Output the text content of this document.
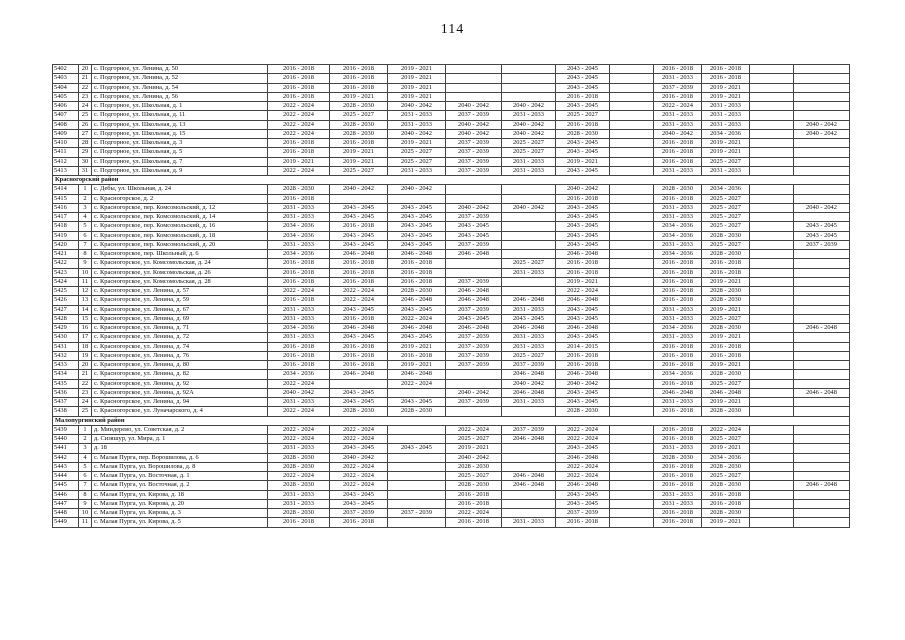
114
5402	20	с. Подгорное, ул. Ленина, д. 50	2016 - 2018	2016 - 2018	2019 - 2021			2043 - 2045		2016 - 2018	2016 - 2018		
5403	21	с. Подгорное, ул. Ленина, д. 52	2016 - 2018	2016 - 2018	2019 - 2021			2043 - 2045		2031 - 2033	2016 - 2018		
5404	22	с. Подгорное, ул. Ленина, д. 54	2016 - 2018	2016 - 2018	2019 - 2021			2043 - 2045		2037 - 2039	2019 - 2021		
5405	23	с. Подгорное, ул. Ленина, д. 56	2016 - 2018	2019 - 2021	2019 - 2021			2016 - 2018		2016 - 2018	2019 - 2021		
5406	24	с. Подгорное, ул. Школьная, д. 1	2022 - 2024	2028 - 2030	2040 - 2042	2040 - 2042	2040 - 2042	2043 - 2045		2022 - 2024	2031 - 2033		
5407	25	с. Подгорное, ул. Школьная, д. 11	2022 - 2024	2025 - 2027	2031 - 2033	2037 - 2039	2031 - 2033	2025 - 2027		2031 - 2033	2031 - 2033		
5408	26	с. Подгорное, ул. Школьная, д. 13	2022 - 2024	2028 - 2030	2031 - 2033	2040 - 2042	2040 - 2042	2016 - 2018		2031 - 2033	2031 - 2033		2040 - 2042
5409	27	с. Подгорное, ул. Школьная, д. 15	2022 - 2024	2028 - 2030	2040 - 2042	2040 - 2042	2040 - 2042	2028 - 2030		2040 - 2042	2034 - 2036		2040 - 2042
5410	28	с. Подгорное, ул. Школьная, д. 3	2016 - 2018	2016 - 2018	2019 - 2021	2037 - 2039	2025 - 2027	2043 - 2045		2016 - 2018	2019 - 2021		
5411	29	с. Подгорное, ул. Школьная, д. 5	2016 - 2018	2019 - 2021	2025 - 2027	2037 - 2039	2025 - 2027	2043 - 2045		2016 - 2018	2019 - 2021		
5412	30	с. Подгорное, ул. Школьная, д. 7	2019 - 2021	2019 - 2021	2025 - 2027	2037 - 2039	2031 - 2033	2019 - 2021		2016 - 2018	2025 - 2027		
5413	31	с. Подгорное, ул. Школьная, д. 9	2022 - 2024	2025 - 2027	2031 - 2033	2037 - 2039	2031 - 2033	2043 - 2045		2031 - 2033	2031 - 2033		
Красногорский район													
5414	1	с. Дебы, ул. Школьная, д. 24	2028 - 2030	2040 - 2042	2040 - 2042			2040 - 2042		2028 - 2030	2034 - 2036		
5415	2	с. Красногорское, д. 2	2016 - 2018					2016 - 2018		2016 - 2018	2025 - 2027		
5416	3	с. Красногорское, пер. Комсомольский, д. 12	2031 - 2033	2043 - 2045	2043 - 2045	2040 - 2042	2040 - 2042	2043 - 2045		2031 - 2033	2025 - 2027		2040 - 2042
5417	4	с. Красногорское, пер. Комсомольский, д. 14	2031 - 2033	2043 - 2045	2043 - 2045	2037 - 2039		2043 - 2045		2031 - 2033	2025 - 2027		
5418	5	с. Красногорское, пер. Комсомольский, д. 16	2034 - 2036	2016 - 2018	2043 - 2045	2043 - 2045		2043 - 2045		2034 - 2036	2025 - 2027		2043 - 2045
5419	6	с. Красногорское, пер. Комсомольский, д. 18	2034 - 2036	2043 - 2045	2043 - 2045	2043 - 2045		2043 - 2045		2034 - 2036	2028 - 2030		2043 - 2045
5420	7	с. Красногорское, пер. Комсомольский, д. 20	2031 - 2033	2043 - 2045	2043 - 2045	2037 - 2039		2043 - 2045		2031 - 2033	2025 - 2027		2037 - 2039
5421	8	с. Красногорское, пер. Школьный, д. 6	2034 - 2036	2046 - 2048	2046 - 2048	2046 - 2048		2046 - 2048		2034 - 2036	2028 - 2030		
5422	9	с. Красногорское, ул. Комсомольская, д. 24	2016 - 2018	2016 - 2018	2016 - 2018		2025 - 2027	2016 - 2018		2016 - 2018	2016 - 2018		
5423	10	с. Красногорское, ул. Комсомольская, д. 26	2016 - 2018	2016 - 2018	2016 - 2018		2031 - 2033	2016 - 2018		2016 - 2018	2016 - 2018		
5424	11	с. Красногорское, ул. Комсомольская, д. 28	2016 - 2018	2016 - 2018	2016 - 2018	2037 - 2039		2019 - 2021		2016 - 2018	2019 - 2021		
5425	12	с. Красногорское, ул. Ленина, д. 57	2022 - 2024	2022 - 2024	2028 - 2030	2046 - 2048		2022 - 2024		2016 - 2018	2028 - 2030		
5426	13	с. Красногорское, ул. Ленина, д. 59	2016 - 2018	2022 - 2024	2046 - 2048	2046 - 2048	2046 - 2048	2046 - 2048		2016 - 2018	2028 - 2030		
5427	14	с. Красногорское, ул. Ленина, д. 67	2031 - 2033	2043 - 2045	2043 - 2045	2037 - 2039	2031 - 2033	2043 - 2045		2031 - 2033	2019 - 2021		
5428	15	с. Красногорское, ул. Ленина, д. 69	2031 - 2033	2016 - 2018	2022 - 2024	2043 - 2045	2043 - 2045	2043 - 2045		2031 - 2033	2025 - 2027		
5429	16	с. Красногорское, ул. Ленина, д. 71	2034 - 2036	2046 - 2048	2046 - 2048	2046 - 2048	2046 - 2048	2046 - 2048		2034 - 2036	2028 - 2030		2046 - 2048
5430	17	с. Красногорское, ул. Ленина, д. 72	2031 - 2033	2043 - 2045	2043 - 2045	2037 - 2039	2031 - 2033	2043 - 2045		2031 - 2033	2019 - 2021		
5431	18	с. Красногорское, ул. Ленина, д. 74	2016 - 2018	2016 - 2018	2019 - 2021	2037 - 2039	2031 - 2033	2014 - 2015		2016 - 2018	2016 - 2018		
5432	19	с. Красногорское, ул. Ленина, д. 76	2016 - 2018	2016 - 2018	2016 - 2018	2037 - 2039	2025 - 2027	2016 - 2018		2016 - 2018	2016 - 2018		
5433	20	с. Красногорское, ул. Ленина, д. 80	2016 - 2018	2016 - 2018	2019 - 2021	2037 - 2039	2037 - 2039	2016 - 2018		2016 - 2018	2019 - 2021		
5434	21	с. Красногорское, ул. Ленина, д. 82	2034 - 2036	2046 - 2048	2046 - 2048		2046 - 2048	2046 - 2048		2034 - 2036	2028 - 2030		
5435	22	с. Красногорское, ул. Ленина, д. 92	2022 - 2024		2022 - 2024		2040 - 2042	2040 - 2042		2016 - 2018	2025 - 2027		
5436	23	с. Красногорское, ул. Ленина, д. 92А	2040 - 2042	2043 - 2045		2040 - 2042	2046 - 2048	2043 - 2045		2046 - 2048	2046 - 2048		2046 - 2048
5437	24	с. Красногорское, ул. Ленина, д. 94	2031 - 2033	2043 - 2045	2043 - 2045	2037 - 2039	2031 - 2033	2043 - 2045		2031 - 2033	2019 - 2021		
5438	25	с. Красногорское, ул. Луначарского, д. 4	2022 - 2024	2028 - 2030	2028 - 2030			2028 - 2030		2016 - 2018	2028 - 2030		
Малопургинский район													
5439	1	д. Миндерево, ул. Советская, д. 2	2022 - 2024	2022 - 2024		2022 - 2024	2037 - 2039	2022 - 2024		2016 - 2018	2022 - 2024		
5440	2	д. Сизяшур, ул. Мира, д. 1	2022 - 2024	2022 - 2024		2025 - 2027	2046 - 2048	2022 - 2024		2016 - 2018	2025 - 2027		
5441	3	д. 18	2031 - 2033	2043 - 2045	2043 - 2045	2019 - 2021		2043 - 2045		2031 - 2033	2019 - 2021		
5442	4	с. Малая Пурга, пер. Ворошилова, д. 6	2028 - 2030	2040 - 2042		2040 - 2042		2046 - 2048		2028 - 2030	2034 - 2036		
5443	5	с. Малая Пурга, ул. Ворошилова, д. 8	2028 - 2030	2022 - 2024		2028 - 2030		2022 - 2024		2016 - 2018	2028 - 2030		
5444	6	с. Малая Пурга, ул. Восточная, д. 1	2022 - 2024	2022 - 2024		2025 - 2027	2046 - 2048	2022 - 2024		2016 - 2018	2025 - 2027		
5445	7	с. Малая Пурга, ул. Восточная, д. 2	2028 - 2030	2022 - 2024		2028 - 2030	2046 - 2048	2046 - 2048		2016 - 2018	2028 - 2030		2046 - 2048
5446	8	с. Малая Пурга, ул. Кирова, д. 18	2031 - 2033	2043 - 2045		2016 - 2018		2043 - 2045		2031 - 2033	2016 - 2018		
5447	9	с. Малая Пурга, ул. Кирова, д. 20	2031 - 2033	2043 - 2045		2016 - 2018		2043 - 2045		2031 - 2033	2016 - 2018		
5448	10	с. Малая Пурга, ул. Кирова, д. 3	2028 - 2030	2037 - 2039	2037 - 2039	2022 - 2024		2037 - 2039		2016 - 2018	2028 - 2030		
5449	11	с. Малая Пурга, ул. Кирова, д. 5	2016 - 2018	2016 - 2018		2016 - 2018	2031 - 2033	2016 - 2018		2016 - 2018	2019 - 2021		
